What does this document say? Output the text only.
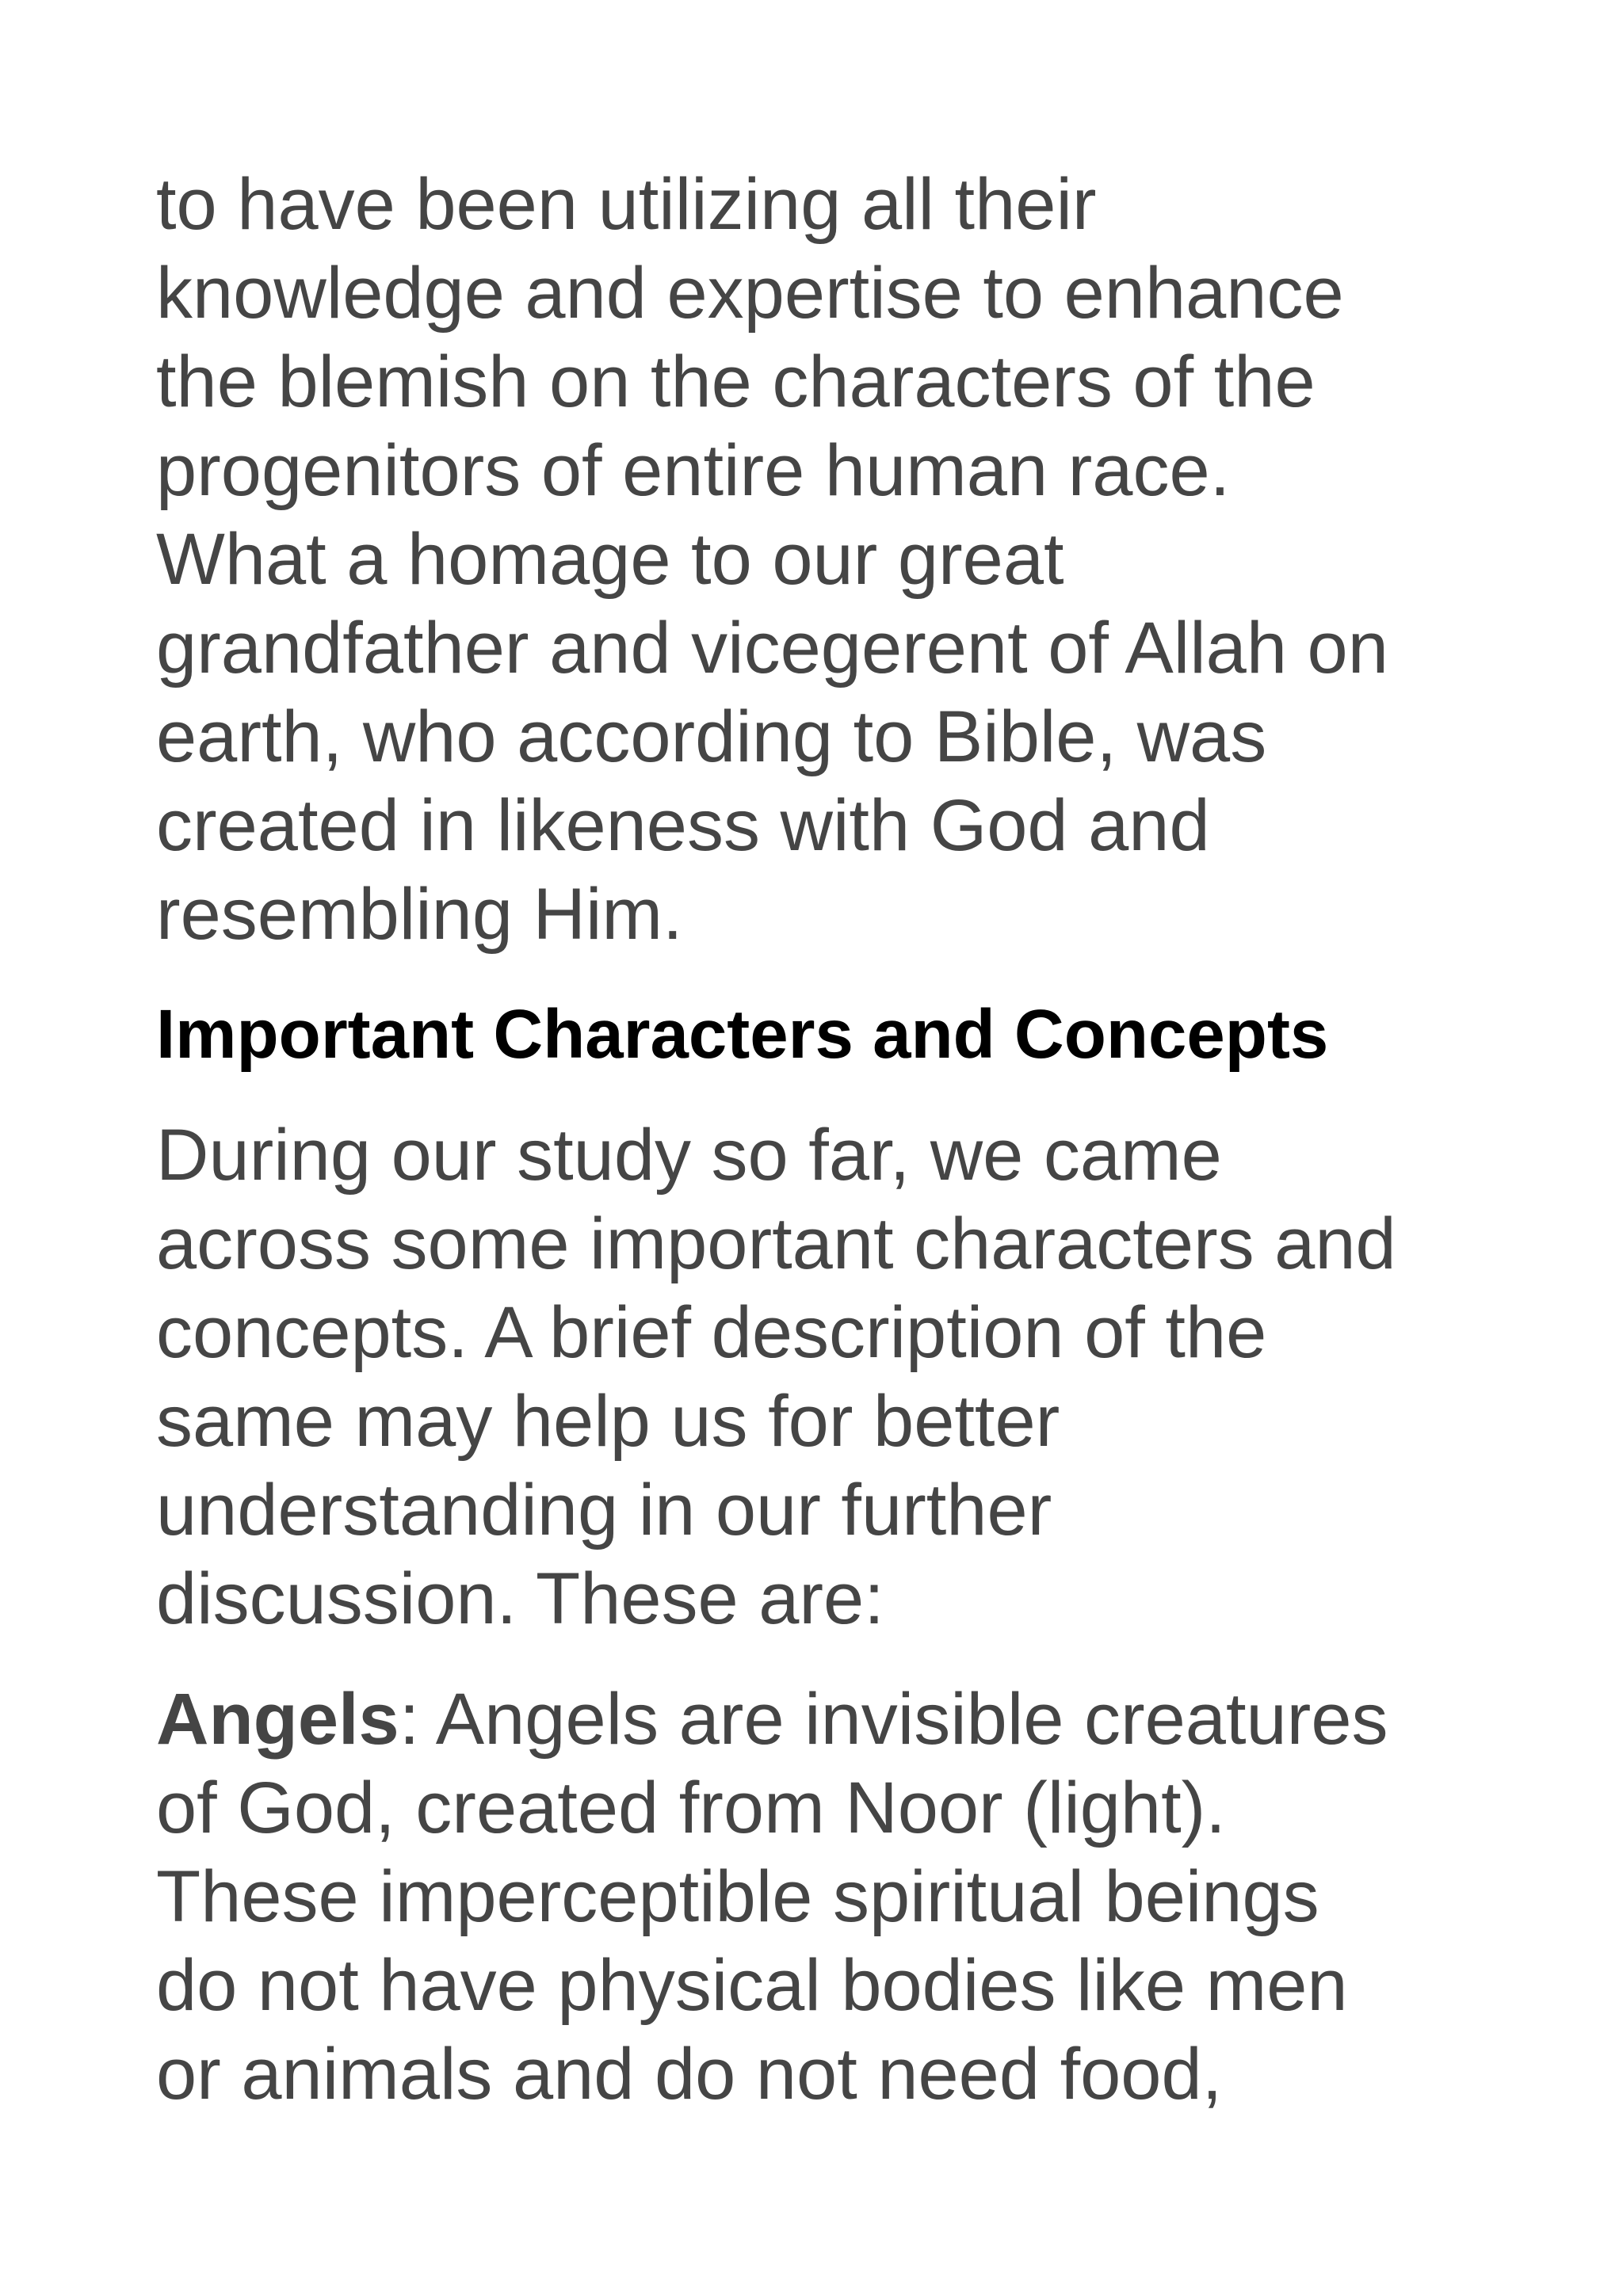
to have been utilizing all their

knowledge and expertise to enhance

the blemish on the characters of the

progenitors of entire human race.

What a homage to our great

grandfather and vicegerent of Allah on

earth, who according to Bible, was

created in likeness with God and

resembling Him.

Important Characters and Concepts

During our study so far, we came

across some important characters and

concepts. A brief description of the

same may help us for better

understanding in our further

discussion. These are:

Angels: Angels are invisible creatures

of God, created from Noor (light).

These imperceptible spiritual beings

do not have physical bodies like men

or animals and do not need food,
